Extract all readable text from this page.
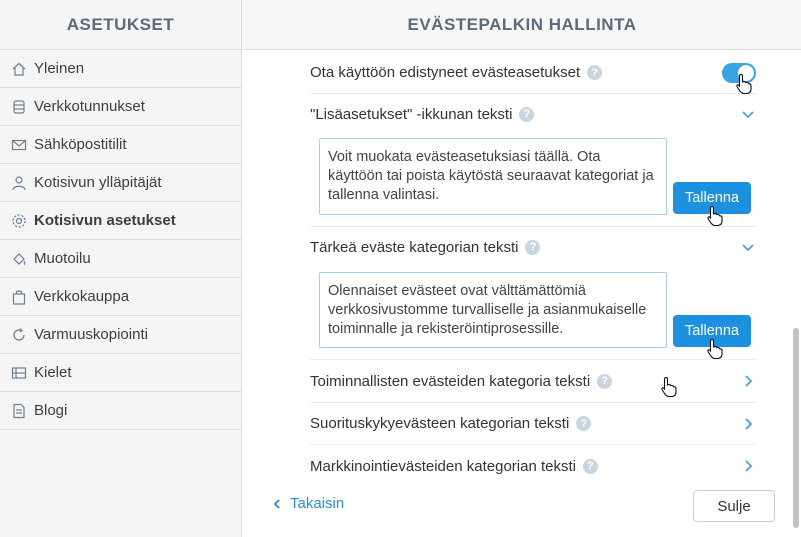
ASETUKSET
Yleinen
Verkkotunnukset
Sähköpostitilit
Kotisivun ylläpitäjät
Kotisivun asetukset
Muotoilu
Verkkokauppa
Varmuuskopiointi
Kielet
Blogi
EVÄSTEPALKIN HALLINTA
Ota käyttöön edistyneet evästeasetukset	?
"Lisäasetukset" -ikkunan teksti	?
Voit muokata evästeasetuksiasi täällä. Ota käyttöön tai poista käytöstä seuraavat kategoriat ja tallenna valintasi.	Tallenna
Tärkeä eväste kategorian teksti	?
Olennaiset evästeet ovat välttämättömiä verkkosivustomme turvalliselle ja asianmukaiselle toiminnalle ja rekisteröintiprosessille.	Tallenna
Toiminnallisten evästeiden kategoria teksti	?
Suorituskykyevästeen kategorian teksti	?
Markkinointievästeiden kategorian teksti	?
Takaisin	Sulje
